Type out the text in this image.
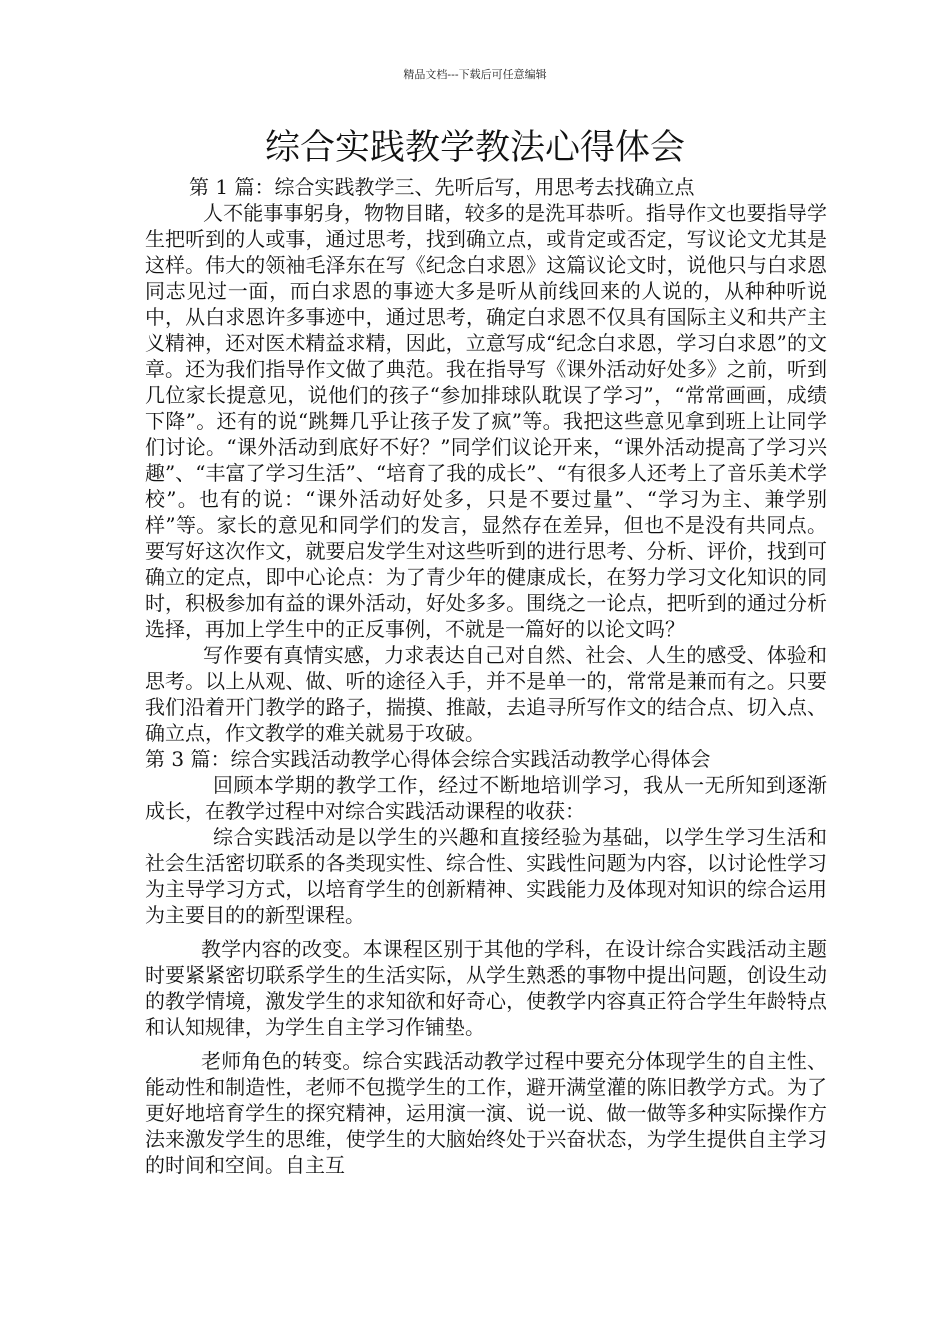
精品文档---下载后可任意编辑
综合实践教学教法心得体会

第 1 篇：综合实践教学三、先听后写，用思考去找确立点

人不能事事躬身，物物目睹，较多的是洗耳恭听。指导作文也要指导学生把听到的人或事，通过思考，找到确立点，或肯定或否定，写议论文尤其是这样。伟大的领袖毛泽东在写《纪念白求恩》这篇议论文时，说他只与白求恩同志见过一面，而白求恩的事迹大多是听从前线回来的人说的，从种种听说中，从白求恩许多事迹中，通过思考，确定白求恩不仅具有国际主义和共产主义精神，还对医术精益求精，因此，立意写成“纪念白求恩，学习白求恩”的文章。还为我们指导作文做了典范。我在指导写《课外活动好处多》之前，听到几位家长提意见，说他们的孩子“参加排球队耽误了学习”，“常常画画，成绩下降”。还有的说“跳舞几乎让孩子发了疯”等。我把这些意见拿到班上让同学们讨论。“课外活动到底好不好？”同学们议论开来，“课外活动提高了学习兴趣”、“丰富了学习生活”、“培育了我的成长”、“有很多人还考上了音乐美术学校”。也有的说：“课外活动好处多，只是不要过量”、“学习为主、兼学别样”等。家长的意见和同学们的发言，显然存在差异，但也不是没有共同点。要写好这次作文，就要启发学生对这些听到的进行思考、分析、评价，找到可确立的定点，即中心论点：为了青少年的健康成长，在努力学习文化知识的同时，积极参加有益的课外活动，好处多多。围绕之一论点，把听到的通过分析选择，再加上学生中的正反事例，不就是一篇好的以论文吗？

写作要有真情实感，力求表达自己对自然、社会、人生的感受、体验和思考。以上从观、做、听的途径入手，并不是单一的，常常是兼而有之。只要我们沿着开门教学的路子，揣摸、推敲，去追寻所写作文的结合点、切入点、确立点，作文教学的难关就易于攻破。

第 3 篇：综合实践活动教学心得体会综合实践活动教学心得体会

回顾本学期的教学工作，经过不断地培训学习，我从一无所知到逐渐成长，在教学过程中对综合实践活动课程的收获：

综合实践活动是以学生的兴趣和直接经验为基础，以学生学习生活和社会生活密切联系的各类现实性、综合性、实践性问题为内容，以讨论性学习为主导学习方式，以培育学生的创新精神、实践能力及体现对知识的综合运用为主要目的的新型课程。

教学内容的改变。本课程区别于其他的学科，在设计综合实践活动主题时要紧紧密切联系学生的生活实际，从学生熟悉的事物中提出问题，创设生动的教学情境，激发学生的求知欲和好奇心，使教学内容真正符合学生年龄特点和认知规律，为学生自主学习作铺垫。

老师角色的转变。综合实践活动教学过程中要充分体现学生的自主性、能动性和制造性，老师不包揽学生的工作，避开满堂灌的陈旧教学方式。为了更好地培育学生的探究精神，运用演一演、说一说、做一做等多种实际操作方法来激发学生的思维，使学生的大脑始终处于兴奋状态，为学生提供自主学习的时间和空间。自主互
